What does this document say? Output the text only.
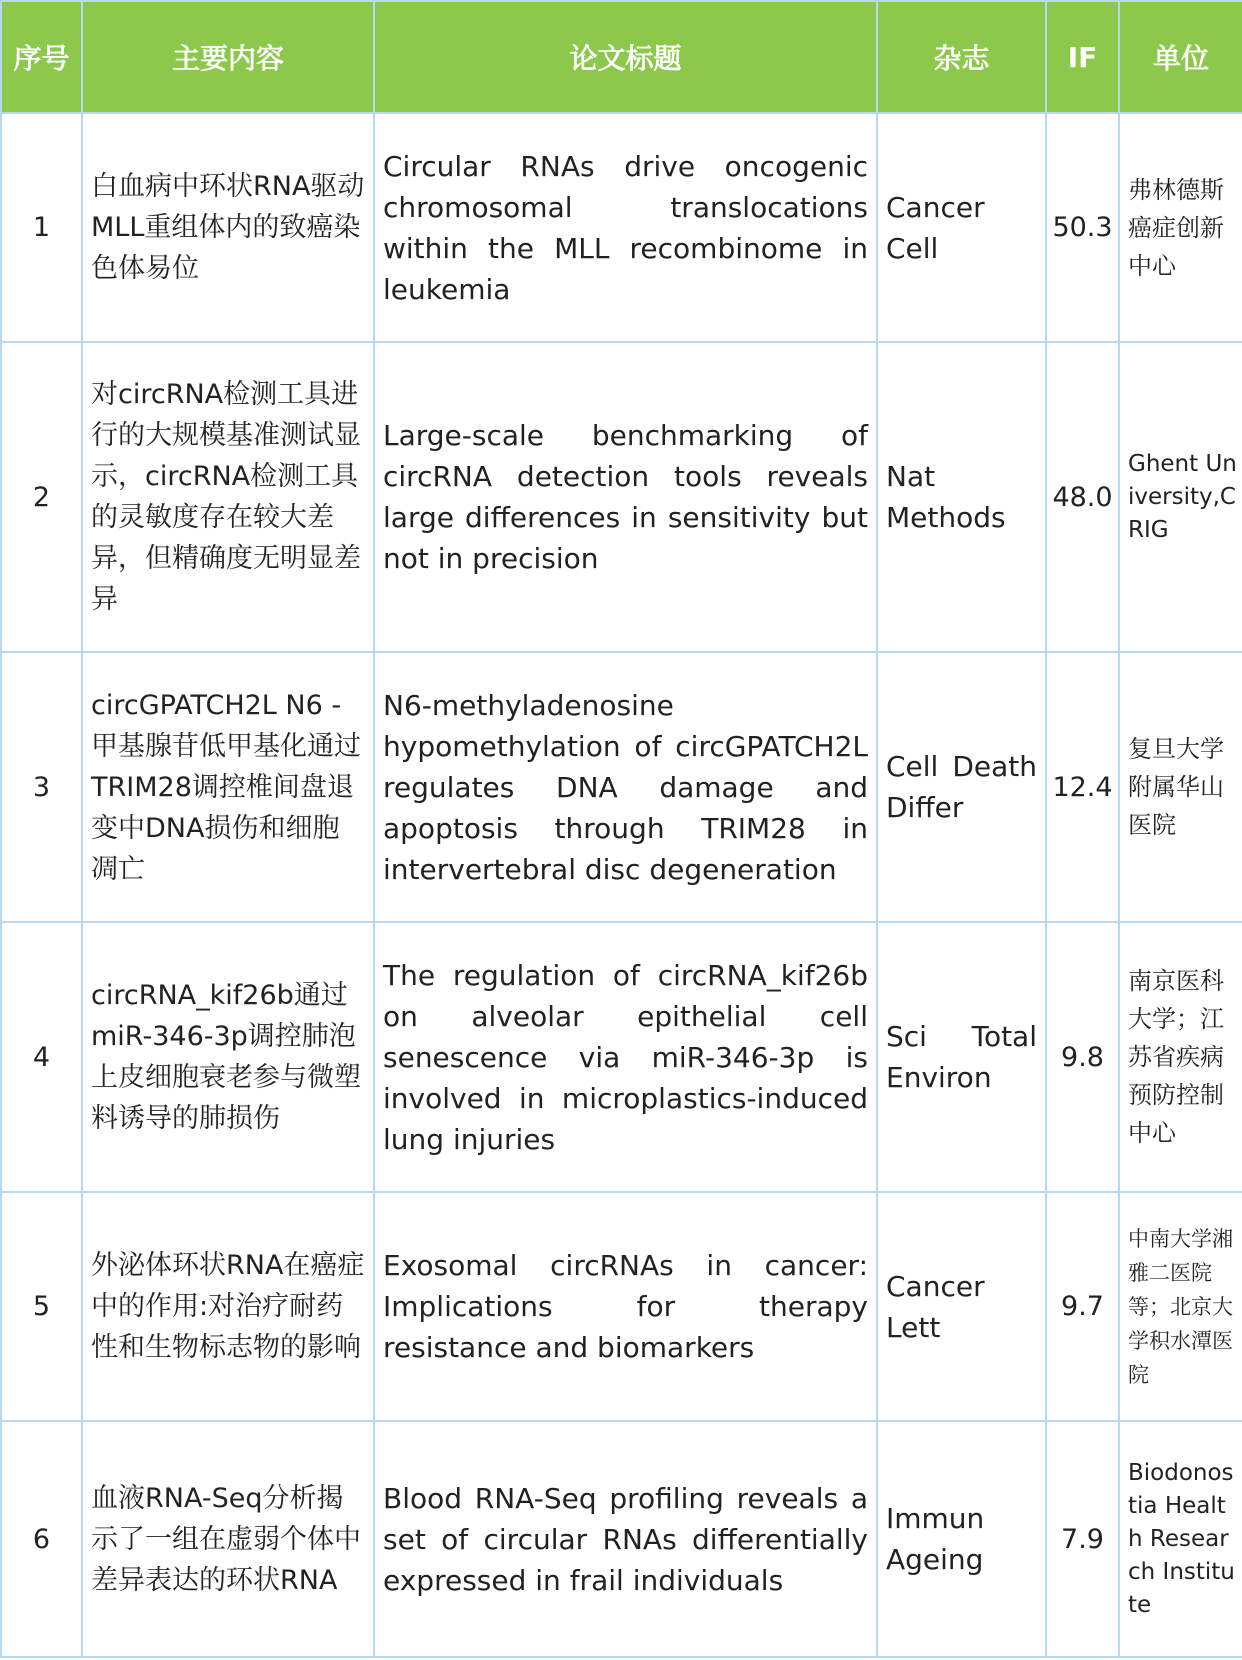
序号	主要内容	论文标题	杂志	IF	单位
1	白血病中环状RNA驱动MLL重组体内的致癌染色体易位	Circular RNAs drive oncogenic chromosomal translocations within the MLL recombinome in leukemia	Cancer Cell	50.3	弗林德斯癌症创新中心
2	对circRNA检测工具进行的大规模基准测试显示，circRNA检测工具的灵敏度存在较大差异，但精确度无明显差异	Large-scale benchmarking of circRNA detection tools reveals large differences in sensitivity but not in precision	Nat Methods	48.0	Ghent University,CRIG
3	circGPATCH2L N6 -甲基腺苷低甲基化通过TRIM28调控椎间盘退变中DNA损伤和细胞凋亡	N6-methyladenosine hypomethylation of circGPATCH2L regulates DNA damage and apoptosis through TRIM28 in intervertebral disc degeneration	Cell Death Differ	12.4	复旦大学附属华山医院
4	circRNA_kif26b通过miR-346-3p调控肺泡上皮细胞衰老参与微塑料诱导的肺损伤	The regulation of circRNA_kif26b on alveolar epithelial cell senescence via miR-346-3p is involved in microplastics-induced lung injuries	Sci Total Environ	9.8	南京医科大学；江苏省疾病预防控制中心
5	外泌体环状RNA在癌症中的作用:对治疗耐药性和生物标志物的影响	Exosomal circRNAs in cancer: Implications for therapy resistance and biomarkers	Cancer Lett	9.7	中南大学湘雅二医院等；北京大学积水潭医院
6	血液RNA-Seq分析揭示了一组在虚弱个体中差异表达的环状RNA	Blood RNA-Seq profiling reveals a set of circular RNAs differentially expressed in frail individuals	Immun Ageing	7.9	Biodonostia Health Research Institute
